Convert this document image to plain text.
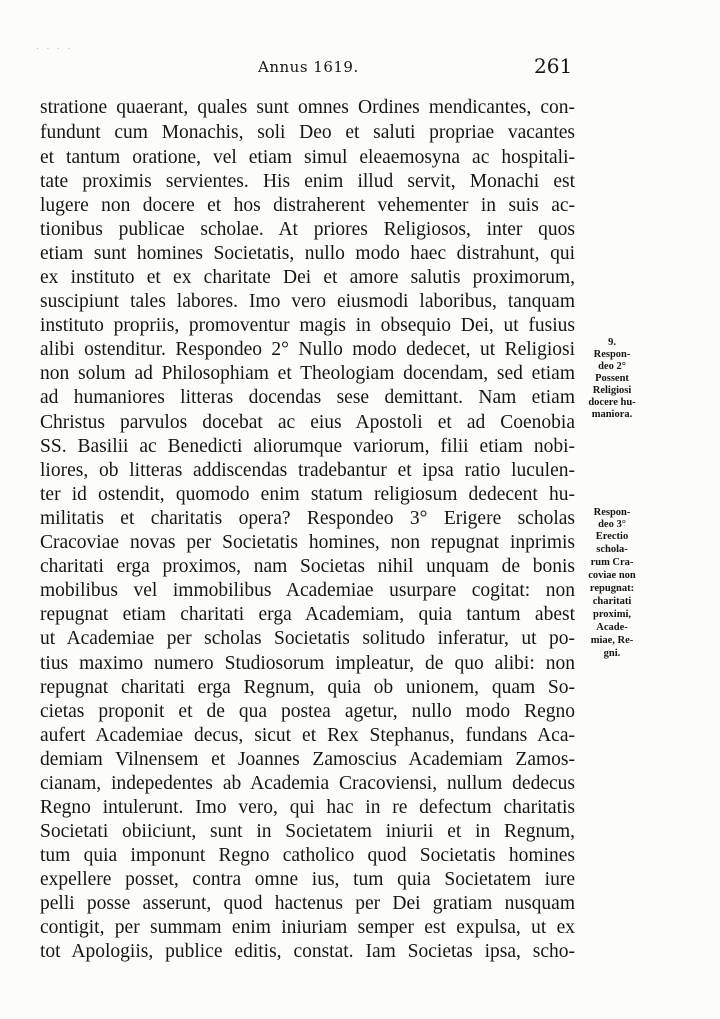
· · · ·
Annus 1619.	261
stratione quaerant, quales sunt omnes Ordines mendicantes, con-
fundunt cum Monachis, soli Deo et saluti propriae vacantes
et tantum oratione, vel etiam simul eleaemosyna ac hospitali-
tate proximis servientes. His enim illud servit, Monachi est
lugere non docere et hos distraherent vehementer in suis ac-
tionibus publicae scholae. At priores Religiosos, inter quos
etiam sunt homines Societatis, nullo modo haec distrahunt, qui
ex instituto et ex charitate Dei et amore salutis proximorum,
suscipiunt tales labores. Imo vero eiusmodi laboribus, tanquam
instituto propriis, promoventur magis in obsequio Dei, ut fusius
alibi ostenditur. Respondeo 2° Nullo modo dedecet, ut Religiosi
non solum ad Philosophiam et Theologiam docendam, sed etiam
ad humaniores litteras docendas sese demittant. Nam etiam
Christus parvulos docebat ac eius Apostoli et ad Coenobia
SS. Basilii ac Benedicti aliorumque variorum, filii etiam nobi-
liores, ob litteras addiscendas tradebantur et ipsa ratio luculen-
ter id ostendit, quomodo enim statum religiosum dedecent hu-
militatis et charitatis opera? Respondeo 3° Erigere scholas
Cracoviae novas per Societatis homines, non repugnat inprimis
charitati erga proximos, nam Societas nihil unquam de bonis
mobilibus vel immobilibus Academiae usurpare cogitat: non
repugnat etiam charitati erga Academiam, quia tantum abest
ut Academiae per scholas Societatis solitudo inferatur, ut po-
tius maximo numero Studiosorum impleatur, de quo alibi: non
repugnat charitati erga Regnum, quia ob unionem, quam So-
cietas proponit et de qua postea agetur, nullo modo Regno
aufert Academiae decus, sicut et Rex Stephanus, fundans Aca-
demiam Vilnensem et Joannes Zamoscius Academiam Zamos-
cianam, indepedentes ab Academia Cracoviensi, nullum dedecus
Regno intulerunt. Imo vero, qui hac in re defectum charitatis
Societati obiiciunt, sunt in Societatem iniurii et in Regnum,
tum quia imponunt Regno catholico quod Societatis homines
expellere posset, contra omne ius, tum quia Societatem iure
pelli posse asserunt, quod hactenus per Dei gratiam nusquam
contigit, per summam enim iniuriam semper est expulsa, ut ex
tot Apologiis, publice editis, constat. Iam Societas ipsa, scho-
9.
Respon-
deo 2°
Possent
Religiosi
docere hu-
maniora.
Respon-
deo 3°
Erectio
schola-
rum Cra-
coviae non
repugnat:
charitati
proximi,
Acade-
miae, Re-
gni.
